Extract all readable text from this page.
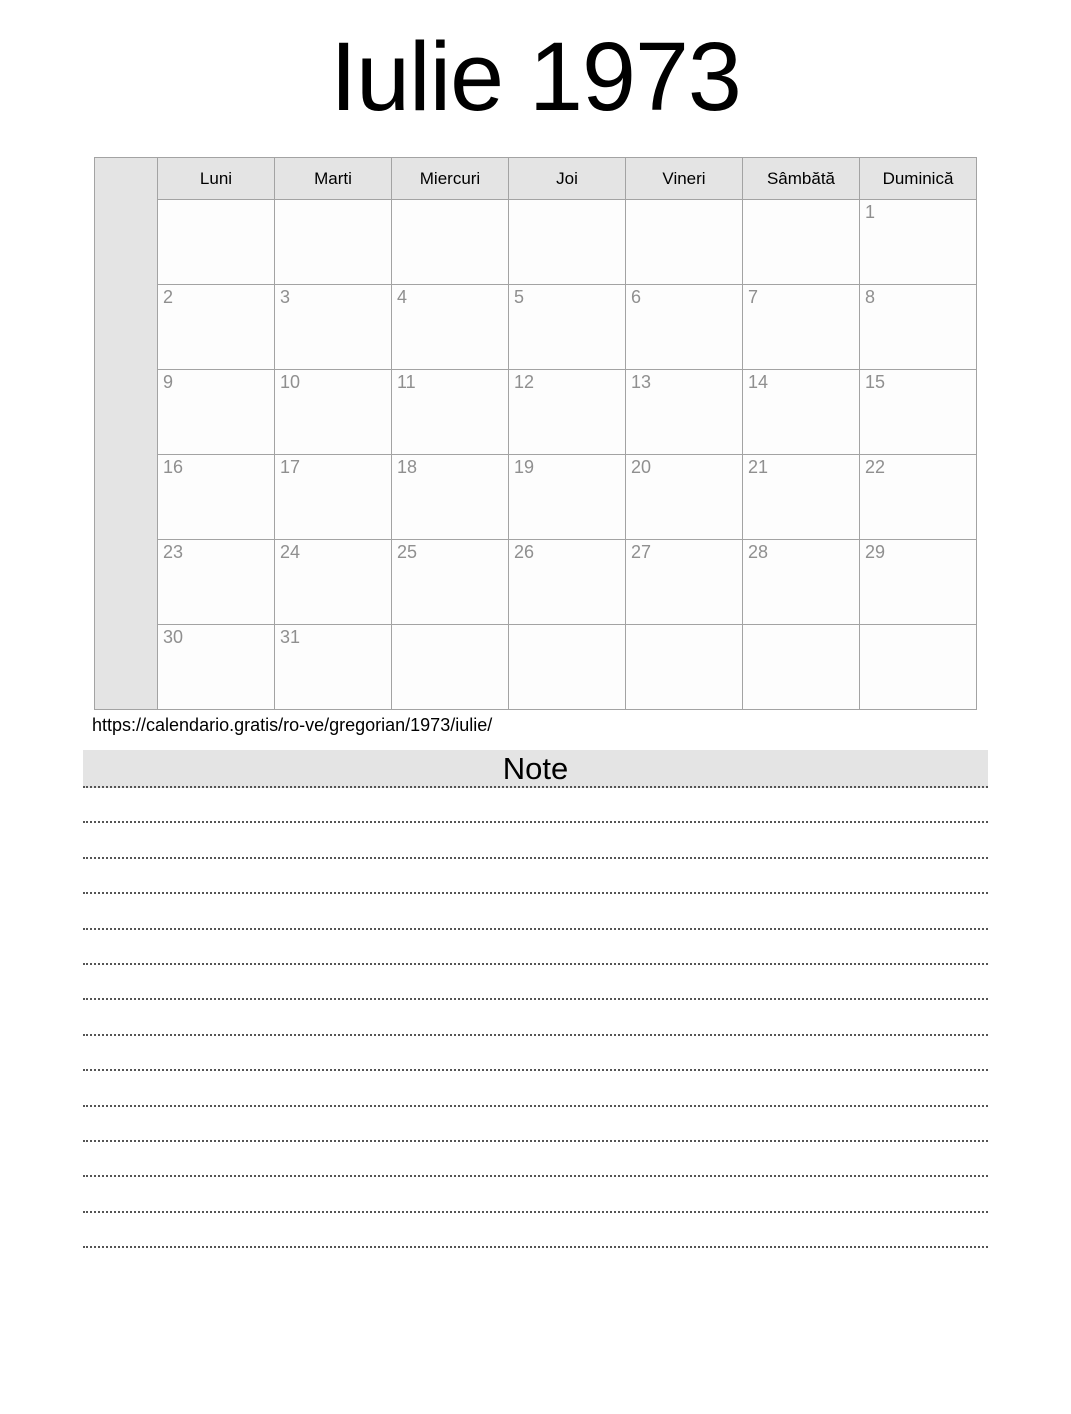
Iulie 1973
	Luni	Marti	Miercuri	Joi	Vineri	Sâmbătă	Duminică
							1
	2	3	4	5	6	7	8
	9	10	11	12	13	14	15
	16	17	18	19	20	21	22
	23	24	25	26	27	28	29
	30	31					
https://calendario.gratis/ro-ve/gregorian/1973/iulie/
Note
